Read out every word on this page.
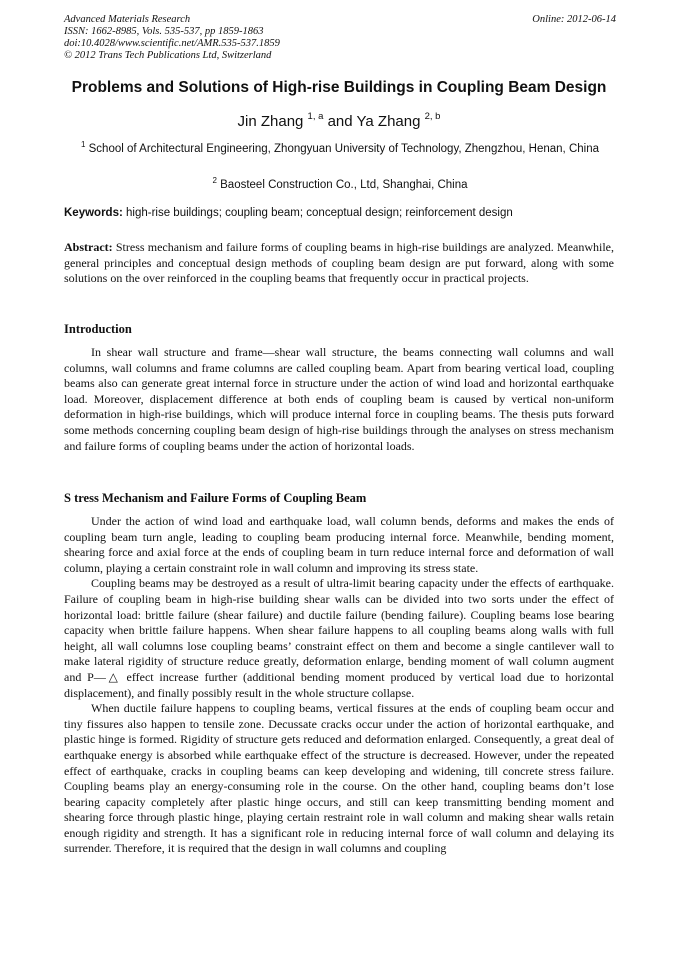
Advanced Materials Research
ISSN: 1662-8985, Vols. 535-537, pp 1859-1863
doi:10.4028/www.scientific.net/AMR.535-537.1859
© 2012 Trans Tech Publications Ltd, Switzerland
Online: 2012-06-14
Problems and Solutions of High-rise Buildings in Coupling Beam Design
Jin Zhang $^{1, a}$ and Ya Zhang $^{2, b}$
$^1$ School of Architectural Engineering, Zhongyuan University of Technology, Zhengzhou, Henan, China
$^2$ Baosteel Construction Co., Ltd, Shanghai, China
Keywords: high-rise buildings; coupling beam; conceptual design; reinforcement design

Abstract: Stress mechanism and failure forms of coupling beams in high-rise buildings are analyzed. Meanwhile, general principles and conceptual design methods of coupling beam design are put forward, along with some solutions on the over reinforced in the coupling beams that frequently occur in practical projects.

Introduction

In shear wall structure and frame—shear wall structure, the beams connecting wall columns and wall columns, wall columns and frame columns are called coupling beam. Apart from bearing vertical load, coupling beams also can generate great internal force in structure under the action of wind load and horizontal earthquake load. Moreover, displacement difference at both ends of coupling beam is caused by vertical non-uniform deformation in high-rise buildings, which will produce internal force in coupling beams. The thesis puts forward some methods concerning coupling beam design of high-rise buildings through the analyses on stress mechanism and failure forms of coupling beams under the action of horizontal loads.

S tress Mechanism and Failure Forms of Coupling Beam

Under the action of wind load and earthquake load, wall column bends, deforms and makes the ends of coupling beam turn angle, leading to coupling beam producing internal force. Meanwhile, bending moment, shearing force and axial force at the ends of coupling beam in turn reduce internal force and deformation of wall column, playing a certain constraint role in wall column and improving its stress state.

Coupling beams may be destroyed as a result of ultra-limit bearing capacity under the effects of earthquake. Failure of coupling beam in high-rise building shear walls can be divided into two sorts under the effect of horizontal load: brittle failure (shear failure) and ductile failure (bending failure). Coupling beams lose bearing capacity when brittle failure happens. When shear failure happens to all coupling beams along walls with full height, all wall columns lose coupling beams’ constraint effect on them and become a single cantilever wall to make lateral rigidity of structure reduce greatly, deformation enlarge, bending moment of wall column augment and P—△ effect increase further (additional bending moment produced by vertical load due to horizontal displacement), and finally possibly result in the whole structure collapse.

When ductile failure happens to coupling beams, vertical fissures at the ends of coupling beam occur and tiny fissures also happen to tensile zone. Decussate cracks occur under the action of horizontal earthquake, and plastic hinge is formed. Rigidity of structure gets reduced and deformation enlarged. Consequently, a great deal of earthquake energy is absorbed while earthquake effect of the structure is decreased. However, under the repeated effect of earthquake, cracks in coupling beams can keep developing and widening, till concrete stress failure. Coupling beams play an energy-consuming role in the course. On the other hand, coupling beams don’t lose bearing capacity completely after plastic hinge occurs, and still can keep transmitting bending moment and shearing force through plastic hinge, playing certain restraint role in wall column and making shear walls retain enough rigidity and strength. It has a significant role in reducing internal force of wall column and delaying its surrender. Therefore, it is required that the design in wall columns and coupling
